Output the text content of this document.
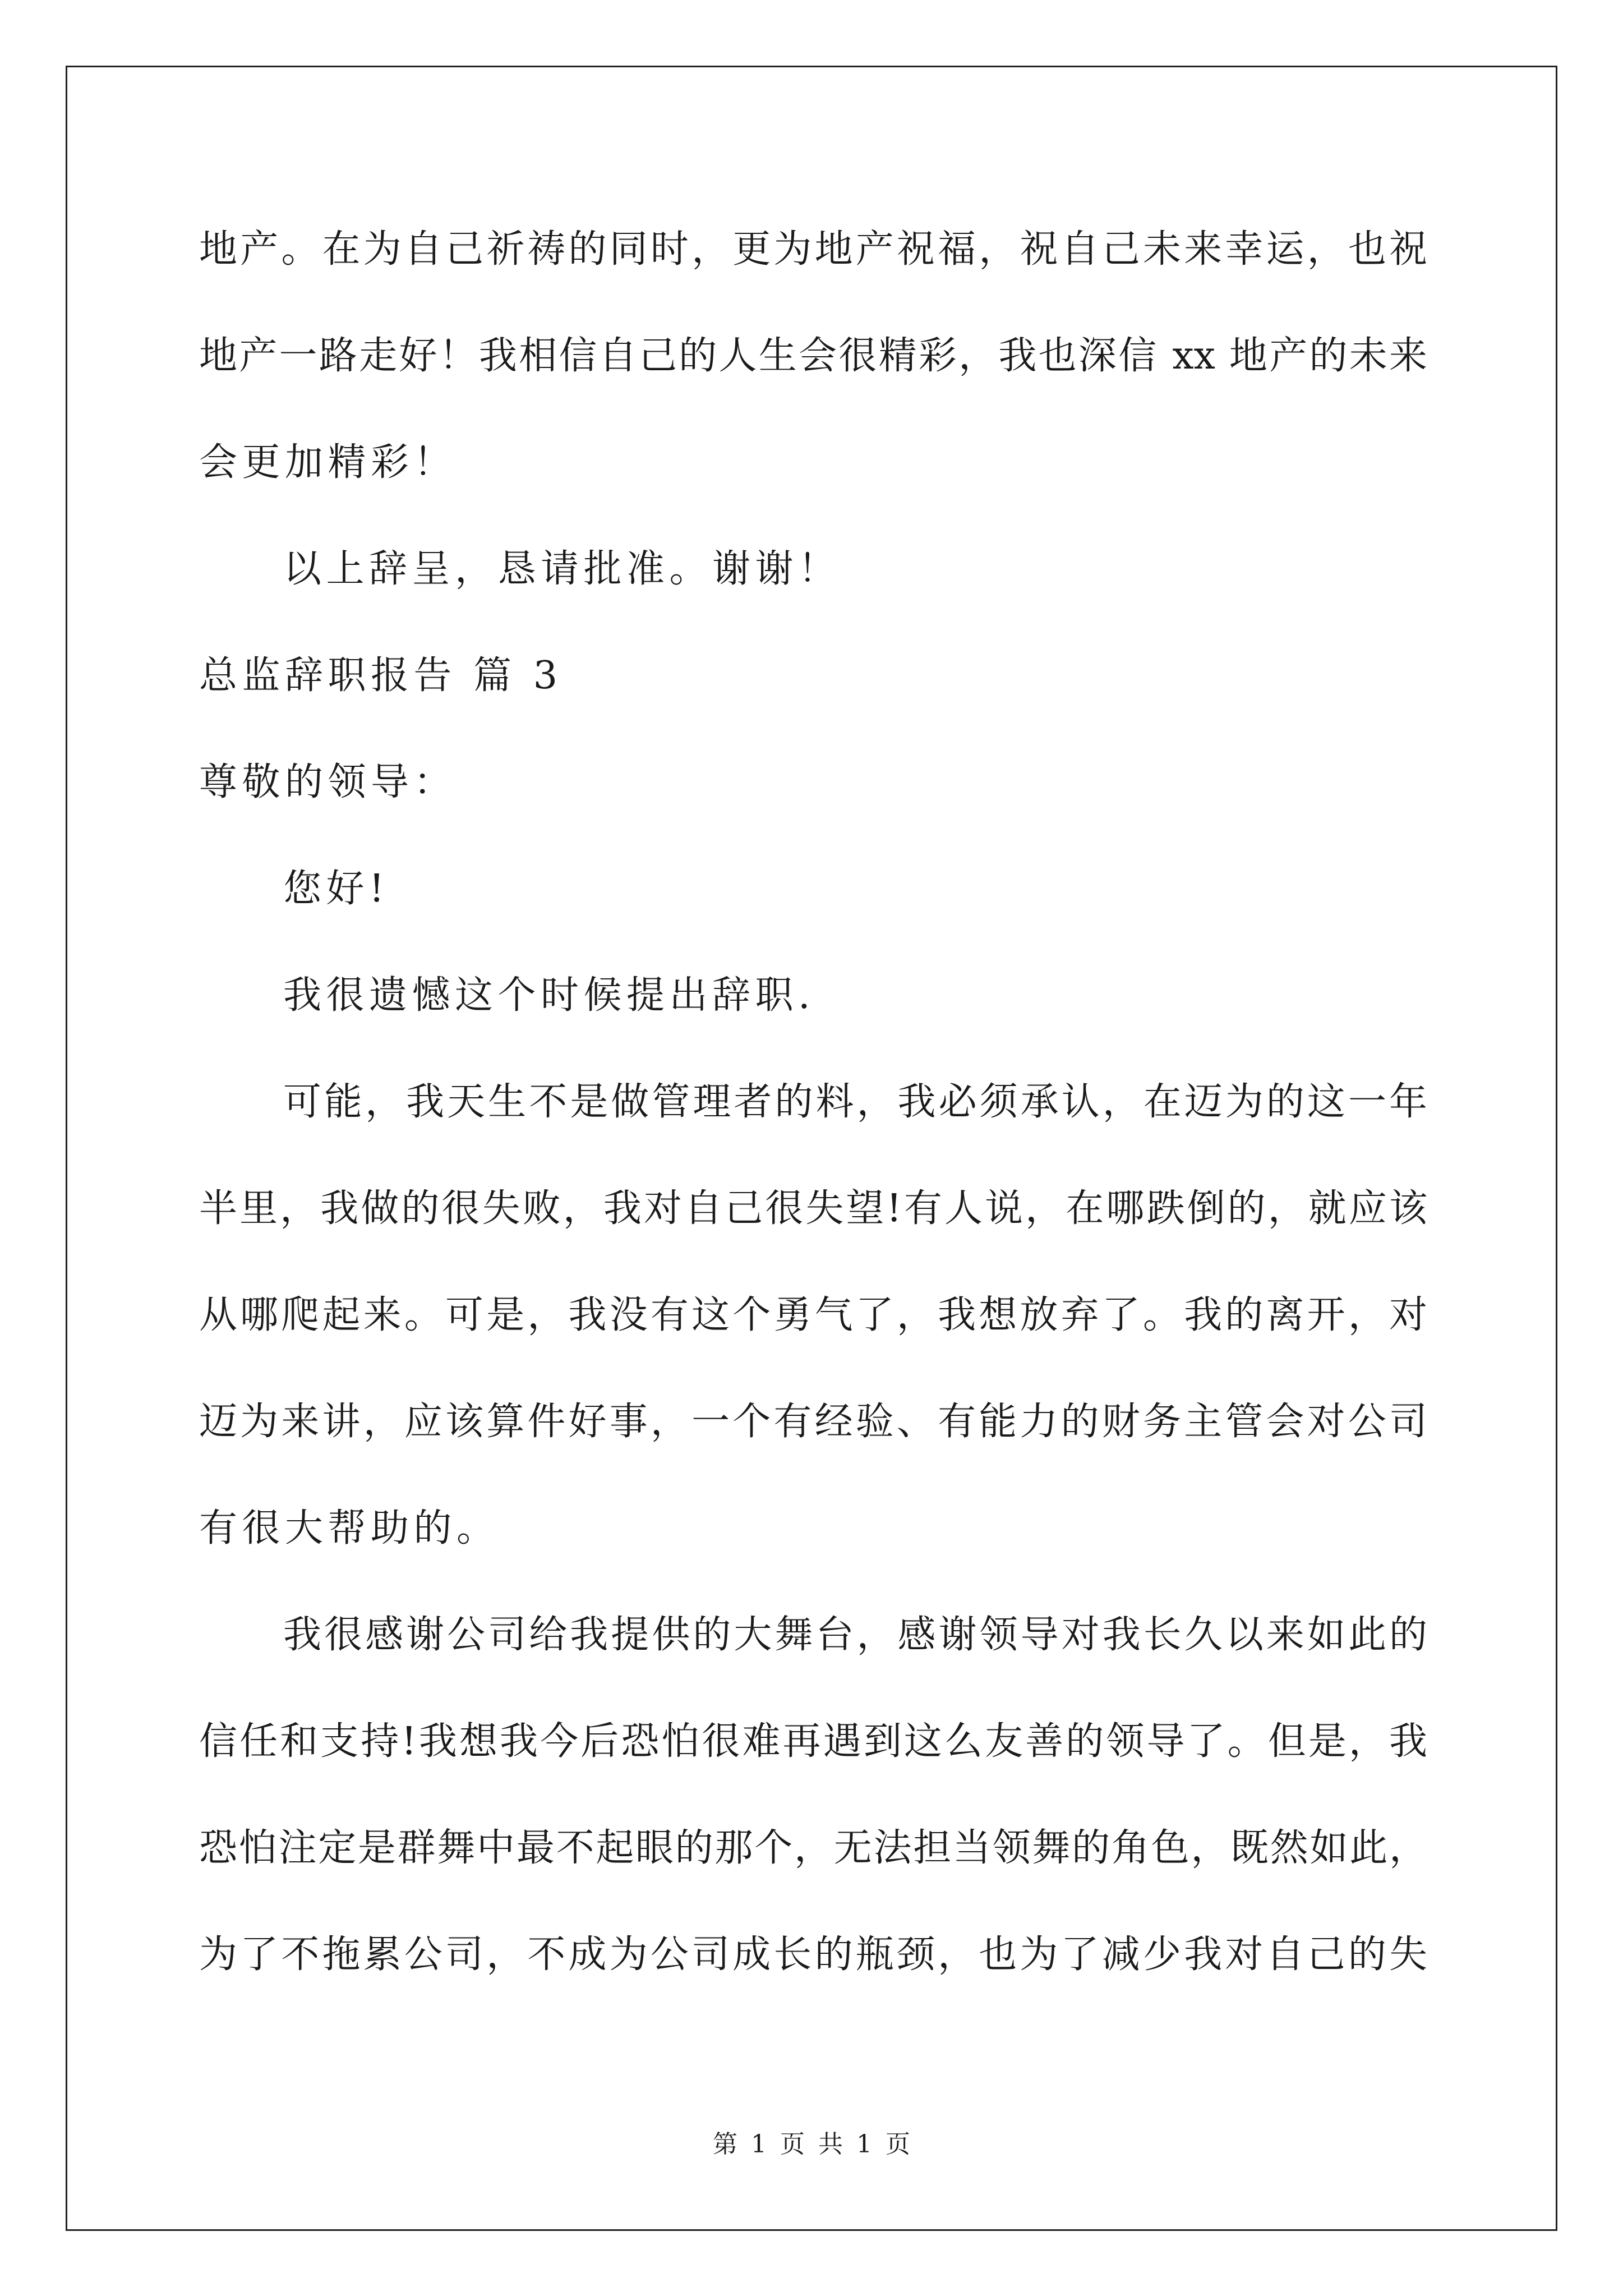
地产。在为自己祈祷的同时，更为地产祝福，祝自己未来幸运，也祝
地产一路走好！我相信自己的人生会很精彩，我也深信 xx 地产的未来
会更加精彩！
以上辞呈，恳请批准。谢谢！
总监辞职报告 篇 3
尊敬的领导：
您好!
我很遗憾这个时候提出辞职.
可能，我天生不是做管理者的料，我必须承认，在迈为的这一年
半里，我做的很失败，我对自己很失望!有人说，在哪跌倒的，就应该
从哪爬起来。可是，我没有这个勇气了，我想放弃了。我的离开，对
迈为来讲，应该算件好事，一个有经验、有能力的财务主管会对公司
有很大帮助的。
我很感谢公司给我提供的大舞台，感谢领导对我长久以来如此的
信任和支持!我想我今后恐怕很难再遇到这么友善的领导了。但是，我
恐怕注定是群舞中最不起眼的那个，无法担当领舞的角色，既然如此，
为了不拖累公司，不成为公司成长的瓶颈，也为了减少我对自己的失
第 1 页 共 1 页
